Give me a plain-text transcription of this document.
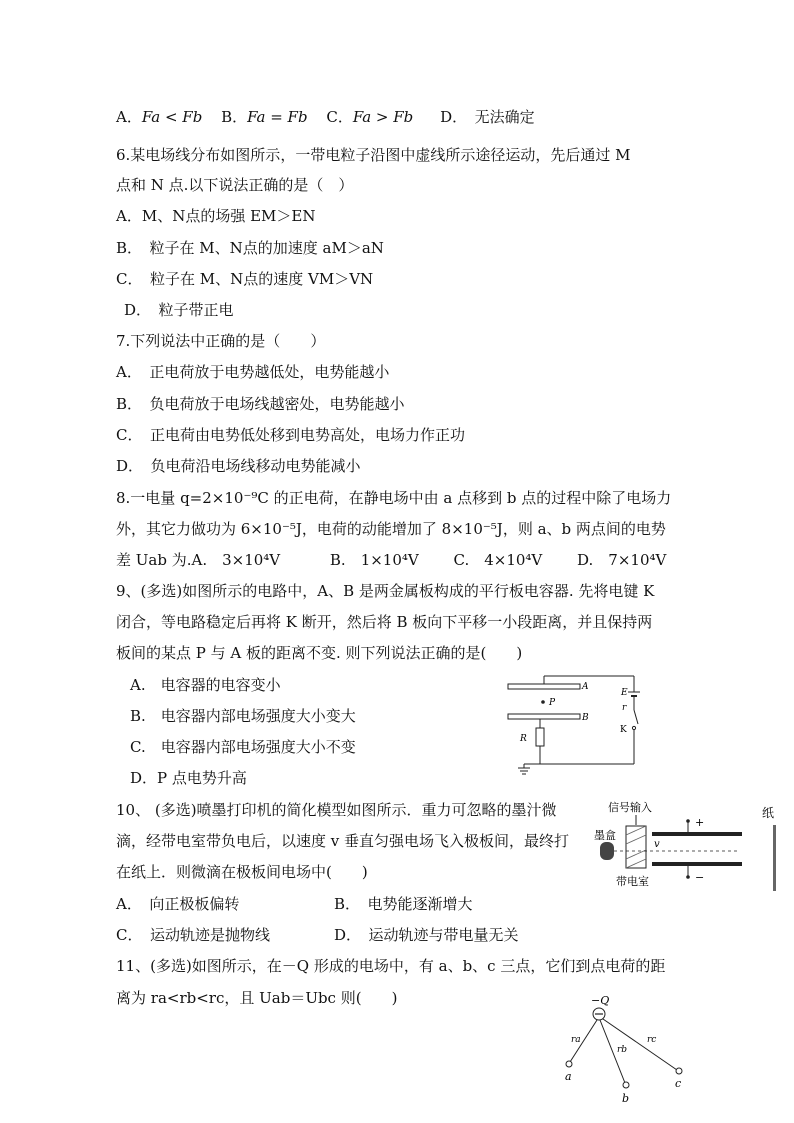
A．Fa < Fb B．Fa = Fb C．Fa > Fb D．　无法确定
6.某电场线分布如图所示，一带电粒子沿图中虚线所示途径运动，先后通过 M
点和 N 点.以下说法正确的是（　）
A．M、N点的场强 EM＞EN
B．　粒子在 M、N点的加速度 aM＞aN
C．　粒子在 M、N点的速度 VM＞VN
D．　粒子带正电
7.下列说法中正确的是（　　）
A．　正电荷放于电势越低处，电势能越小
B．　负电荷放于电场线越密处，电势能越小
C．　正电荷由电势低处移到电势高处，电场力作正功
D．　负电荷沿电场线移动电势能减小
8.一电量 q=2×10⁻⁹C 的正电荷，在静电场中由 a 点移到 b 点的过程中除了电场力
外，其它力做功为 6×10⁻⁵J，电荷的动能增加了 8×10⁻⁵J，则 a、b 两点间的电势
差 Uab 为.A.　3×10⁴V　　　 B.　1×10⁴V　　 C.　4×10⁴V　　 D.　7×10⁴V
9、(多选)如图所示的电路中，A、B 是两金属板构成的平行板电容器. 先将电键 K
闭合，等电路稳定后再将 K 断开，然后将 B 板向下平移一小段距离，并且保持两
板间的某点 P 与 A 板的距离不变. 则下列说法正确的是(　　)
A.　电容器的电容变小
B.　电容器内部电场强度大小变大
C.　电容器内部电场强度大小不变
D．P 点电势升高
A
B
P
R
E
r
K
10、 (多选)喷墨打印机的简化模型如图所示．重力可忽略的墨汁微
滴，经带电室带负电后，以速度 v 垂直匀强电场飞入极板间，最终打
在纸上．则微滴在极板间电场中(　　)
A．　向正极板偏转	B．　电势能逐渐增大
C．　运动轨迹是抛物线	D．　运动轨迹与带电量无关
信号输入
墨盒
v
+
−
带电室
纸
11、(多选)如图所示，在－Q 形成的电场中，有 a、b、c 三点，它们到点电荷的距
离为 ra<rb<rc，且 Uab＝Ubc 则(　　)	−Q
ra
rb
rc
a
b
c
